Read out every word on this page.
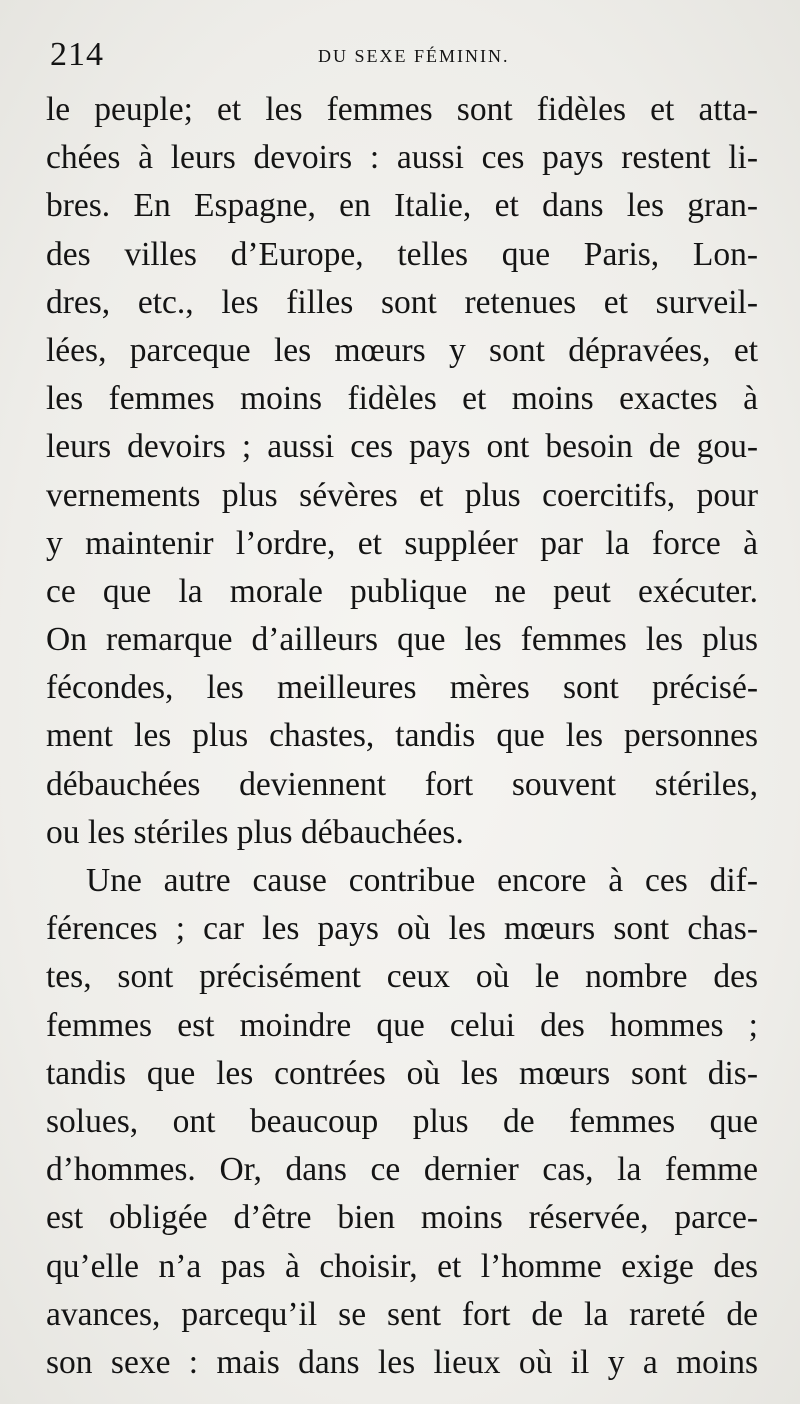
214	DU SEXE FÉMININ.
le peuple; et les femmes sont fidèles et atta-
chées à leurs devoirs : aussi ces pays restent li-
bres. En Espagne, en Italie, et dans les gran-
des villes d’Europe, telles que Paris, Lon-
dres, etc., les filles sont retenues et surveil-
lées, parceque les mœurs y sont dépravées, et
les femmes moins fidèles et moins exactes à
leurs devoirs ; aussi ces pays ont besoin de gou-
vernements plus sévères et plus coercitifs, pour
y maintenir l’ordre, et suppléer par la force à
ce que la morale publique ne peut exécuter.
On remarque d’ailleurs que les femmes les plus
fécondes, les meilleures mères sont précisé-
ment les plus chastes, tandis que les personnes
débauchées deviennent fort souvent stériles,
ou les stériles plus débauchées.
Une autre cause contribue encore à ces dif-
férences ; car les pays où les mœurs sont chas-
tes, sont précisément ceux où le nombre des
femmes est moindre que celui des hommes ;
tandis que les contrées où les mœurs sont dis-
solues, ont beaucoup plus de femmes que
d’hommes. Or, dans ce dernier cas, la femme
est obligée d’être bien moins réservée, parce-
qu’elle n’a pas à choisir, et l’homme exige des
avances, parcequ’il se sent fort de la rareté de
son sexe : mais dans les lieux où il y a moins
